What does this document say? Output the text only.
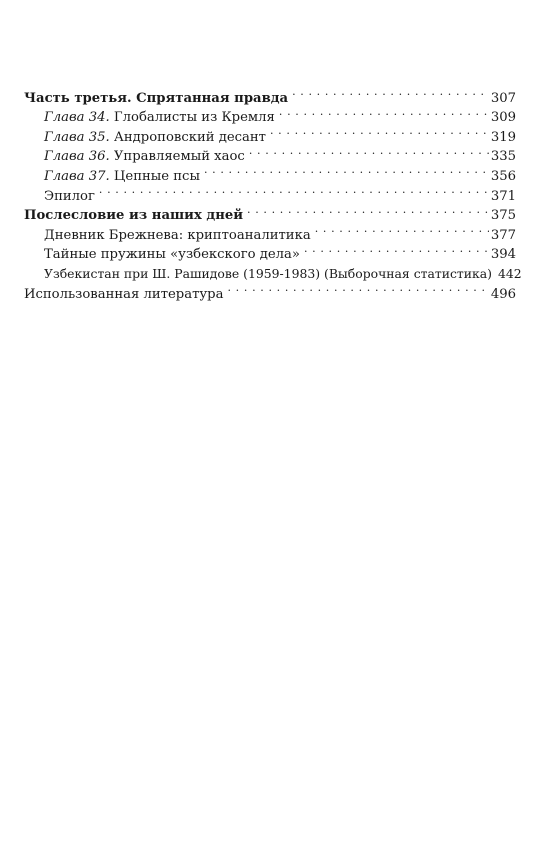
Часть третья. Спрятанная правда . . .	307
Глава 34. Глобалисты из Кремля . . .	309
Глава 35. Андроповский десант . . .	319
Глава 36. Управляемый хаос . . .	335
Глава 37. Цепные псы . . .	356
Эпилог . . .	371
Послесловие из наших дней . . .	375
Дневник Брежнева: криптоаналитика . . .	377
Тайные пружины «узбекского дела» . . .	394
Узбекистан при Ш. Рашидове (1959-1983) (Выборочная статистика) 442
Использованная литература . . .	496
